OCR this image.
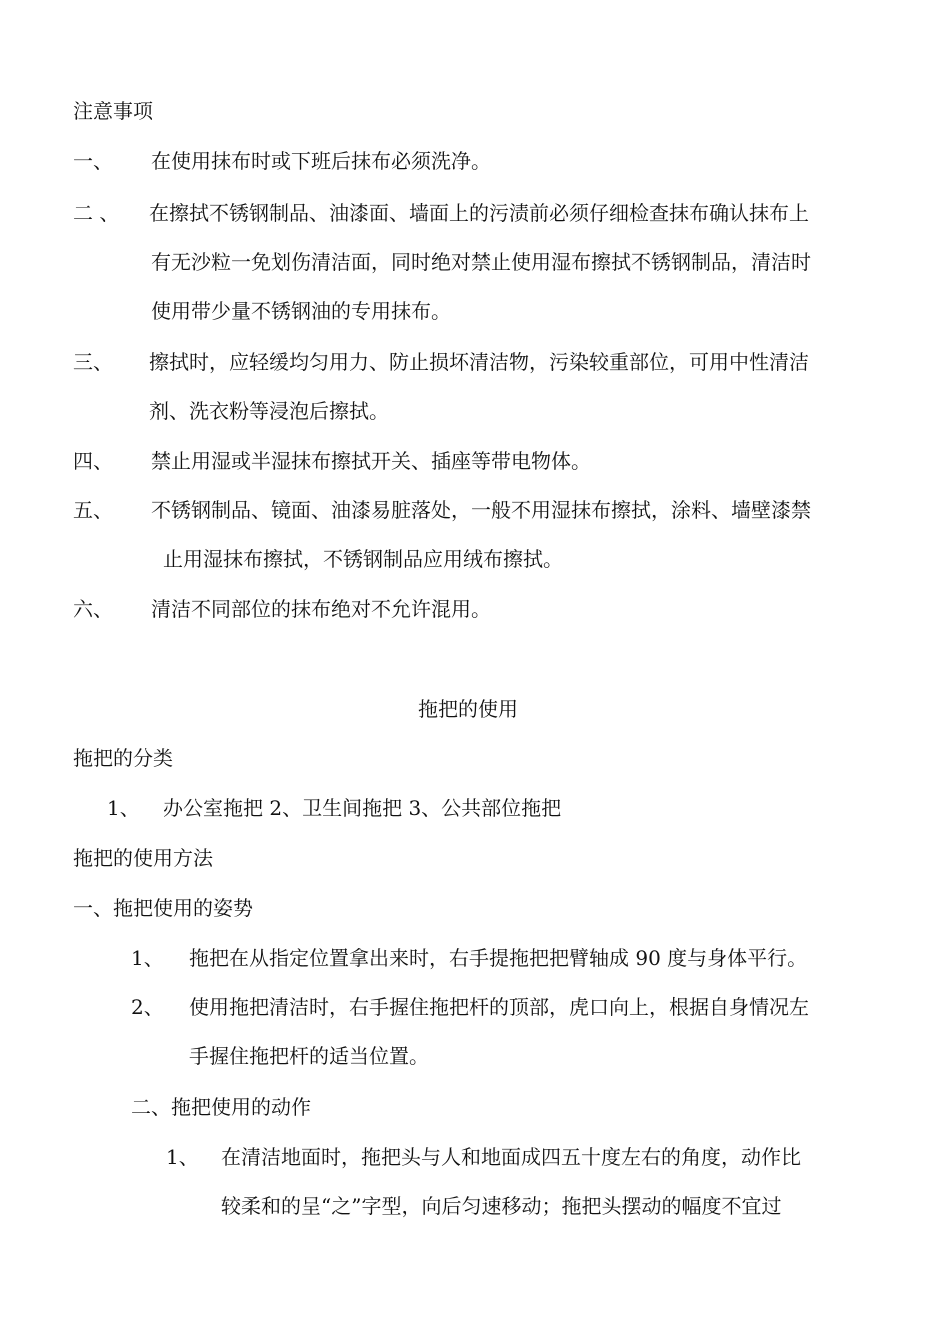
注意事项
一、 在使用抹布时或下班后抹布必须洗净。
二 、 在擦拭不锈钢制品、油漆面、墙面上的污渍前必须仔细检查抹布确认抹布上
有无沙粒一免划伤清洁面，同时绝对禁止使用湿布擦拭不锈钢制品，清洁时
使用带少量不锈钢油的专用抹布。
三、 擦拭时，应轻缓均匀用力、防止损坏清洁物，污染较重部位，可用中性清洁
剂、洗衣粉等浸泡后擦拭。
四、 禁止用湿或半湿抹布擦拭开关、插座等带电物体。
五、 不锈钢制品、镜面、油漆易脏落处，一般不用湿抹布擦拭，涂料、墙壁漆禁
止用湿抹布擦拭，不锈钢制品应用绒布擦拭。
六、 清洁不同部位的抹布绝对不允许混用。
拖把的使用
拖把的分类
1、 办公室拖把 2、卫生间拖把 3、公共部位拖把
拖把的使用方法
一、拖把使用的姿势
1、 拖把在从指定位置拿出来时，右手提拖把把臂轴成 90 度与身体平行。
2、 使用拖把清洁时，右手握住拖把杆的顶部，虎口向上，根据自身情况左
手握住拖把杆的适当位置。
二、拖把使用的动作
1、 在清洁地面时，拖把头与人和地面成四五十度左右的角度，动作比
较柔和的呈“之”字型，向后匀速移动；拖把头摆动的幅度不宜过
